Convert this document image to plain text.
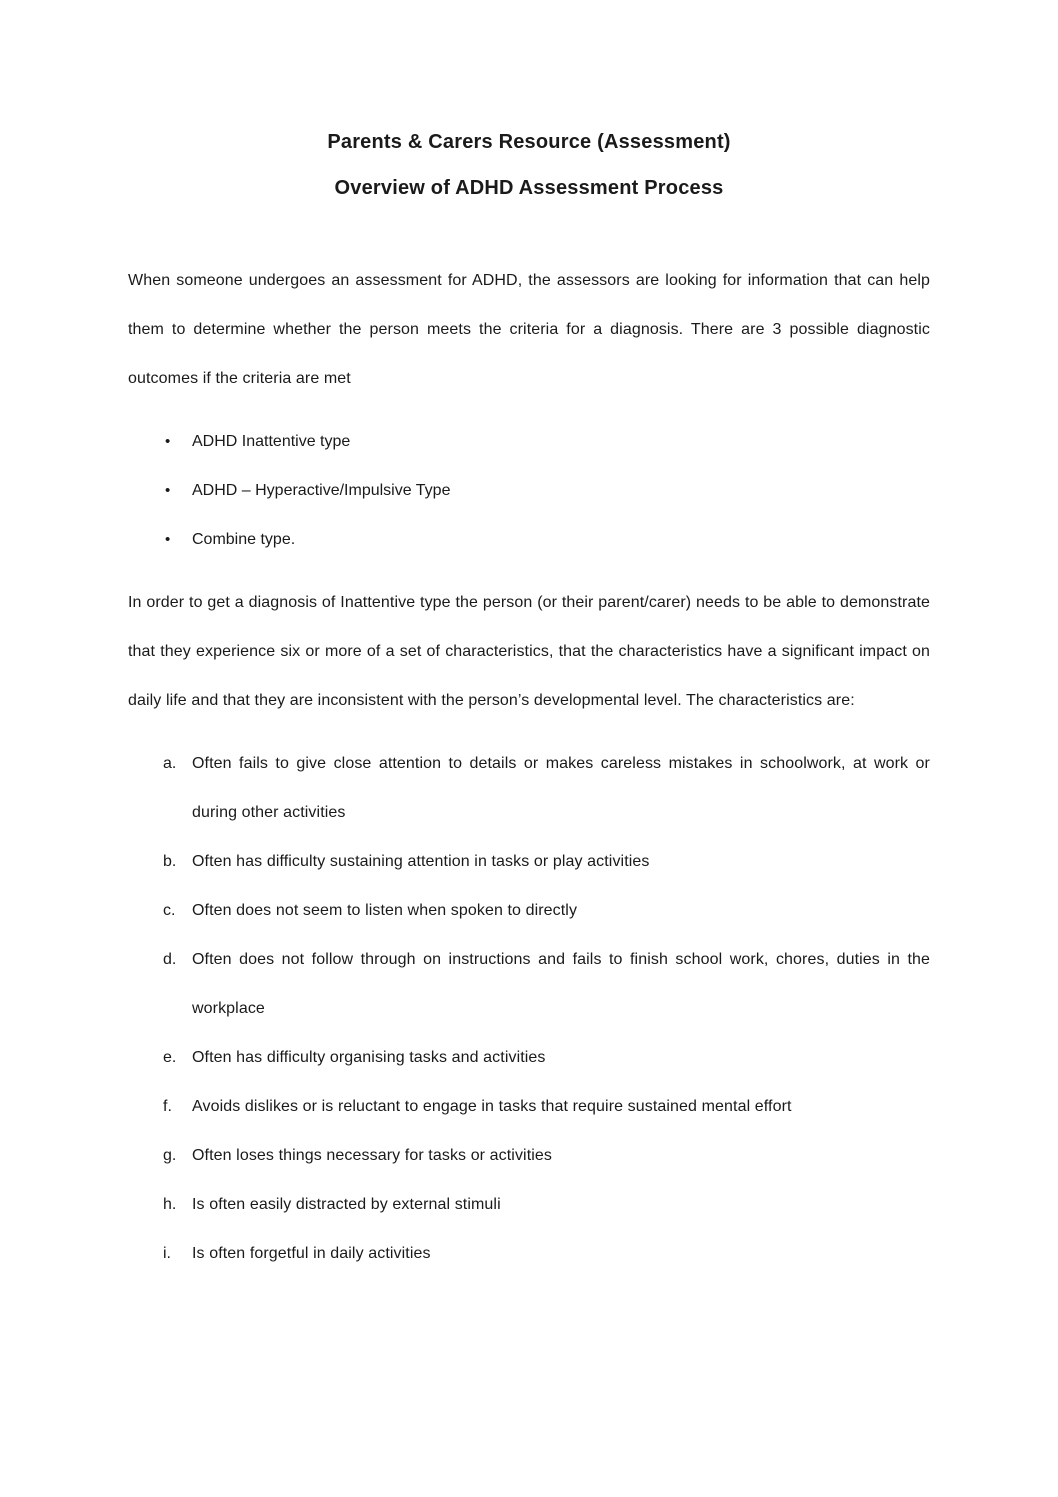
Parents & Carers Resource (Assessment)
Overview of ADHD Assessment Process

When someone undergoes an assessment for ADHD, the assessors are looking for information that can help them to determine whether the person meets the criteria for a diagnosis. There are 3 possible diagnostic outcomes if the criteria are met

•	ADHD Inattentive type
•	ADHD – Hyperactive/Impulsive Type
•	Combine type.

In order to get a diagnosis of Inattentive type the person (or their parent/carer) needs to be able to demonstrate that they experience six or more of a set of characteristics, that the characteristics have a significant impact on daily life and that they are inconsistent with the person’s developmental level. The characteristics are:

a. Often fails to give close attention to details or makes careless mistakes in schoolwork, at work or during other activities
b. Often has difficulty sustaining attention in tasks or play activities
c.	Often does not seem to listen when spoken to directly
d. Often does not follow through on instructions and fails to finish school work, chores, duties in the workplace
e. Often has difficulty organising tasks and activities
f.	Avoids dislikes or is reluctant to engage in tasks that require sustained mental effort
g. Often loses things necessary for tasks or activities
h. Is often easily distracted by external stimuli
i.	Is often forgetful in daily activities
